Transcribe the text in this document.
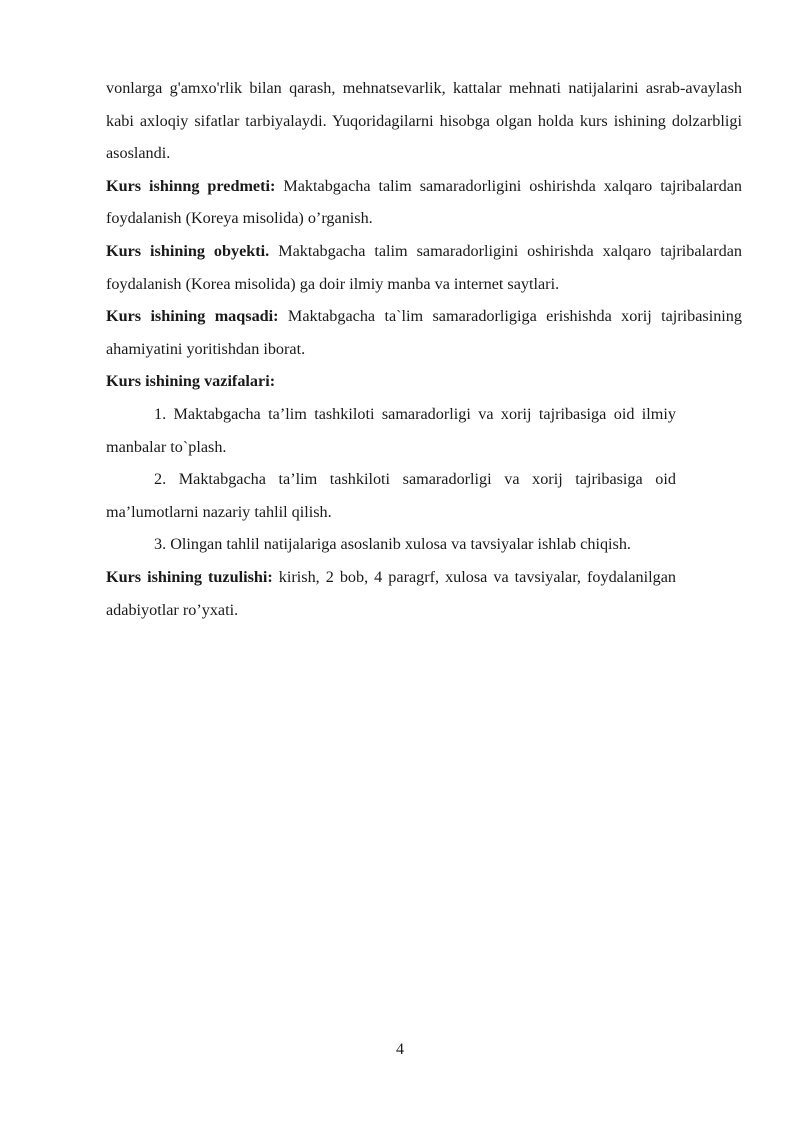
vonlarga g'amxo'rlik bilan qarash, mehnatsevarlik, kattalar mehnati natijalarini asrab-avaylash kabi axloqiy sifatlar tarbiyalaydi. Yuqoridagilarni hisobga olgan holda kurs ishining dolzarbligi asoslandi.

Kurs ishinng predmeti: Maktabgacha talim samaradorligini oshirishda xalqaro tajribalardan foydalanish (Koreya misolida) o’rganish.

Kurs ishining obyekti. Maktabgacha talim samaradorligini oshirishda xalqaro tajribalardan foydalanish (Korea misolida) ga doir ilmiy manba va internet saytlari.

Kurs ishining maqsadi: Maktabgacha ta`lim samaradorligiga erishishda xorij tajribasining ahamiyatini yoritishdan iborat.

Kurs ishining vazifalari:

1. Maktabgacha ta’lim tashkiloti samaradorligi va xorij tajribasiga oid ilmiy manbalar to`plash.

2. Maktabgacha ta’lim tashkiloti samaradorligi va xorij tajribasiga oid ma’lumotlarni nazariy tahlil qilish.

3. Olingan tahlil natijalariga asoslanib xulosa va tavsiyalar ishlab chiqish.

Kurs ishining tuzulishi: kirish, 2 bob, 4 paragrf, xulosa va tavsiyalar, foydalanilgan adabiyotlar ro’yxati.

4
